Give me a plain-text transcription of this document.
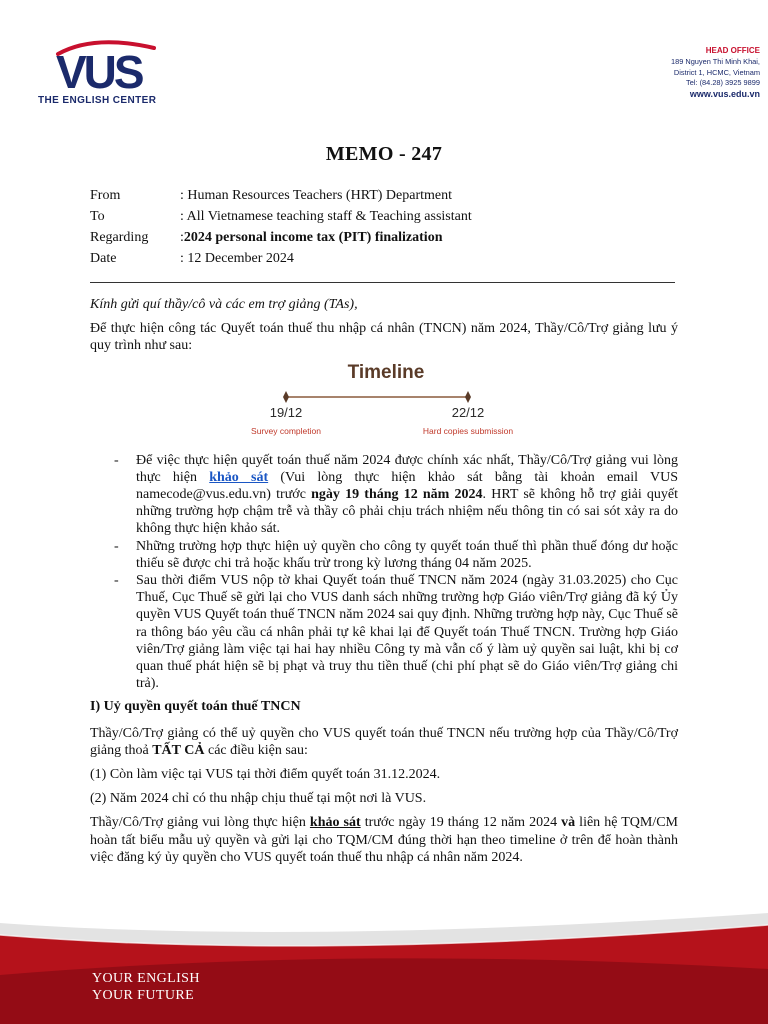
VUS
THE ENGLISH CENTER
HEAD OFFICE
189 Nguyen Thi Minh Khai,
District 1, HCMC, Vietnam
Tel: (84.28) 3925 9899
www.vus.edu.vn
MEMO - 247
From	: Human Resources Teachers (HRT) Department
To	: All Vietnamese teaching staff & Teaching assistant
Regarding	: 2024 personal income tax (PIT) finalization
Date	: 12 December 2024

Kính gửi quí thầy/cô và các em trợ giảng (TAs),

Để thực hiện công tác Quyết toán thuế thu nhập cá nhân (TNCN) năm 2024, Thầy/Cô/Trợ giảng lưu ý quy trình như sau:

Timeline
19/12
Survey completion
22/12
Hard copies submission
- Để việc thực hiện quyết toán thuế năm 2024 được chính xác nhất, Thầy/Cô/Trợ giảng vui lòng thực hiện khảo sát (Vui lòng thực hiện khảo sát bằng tài khoản email VUS namecode@vus.edu.vn) trước ngày 19 tháng 12 năm 2024. HRT sẽ không hỗ trợ giải quyết những trường hợp chậm trễ và thầy cô phải chịu trách nhiệm nếu thông tin có sai sót xảy ra do không thực hiện khảo sát.
- Những trường hợp thực hiện uỷ quyền cho công ty quyết toán thuế thì phần thuế đóng dư hoặc thiếu sẽ được chi trả hoặc khấu trừ trong kỳ lương tháng 04 năm 2025.
- Sau thời điểm VUS nộp tờ khai Quyết toán thuế TNCN năm 2024 (ngày 31.03.2025) cho Cục Thuế, Cục Thuế sẽ gửi lại cho VUS danh sách những trường hợp Giáo viên/Trợ giảng đã ký Ủy quyền VUS Quyết toán thuế TNCN năm 2024 sai quy định. Những trường hợp này, Cục Thuế sẽ ra thông báo yêu cầu cá nhân phải tự kê khai lại để Quyết toán Thuế TNCN. Trường hợp Giáo viên/Trợ giảng làm việc tại hai hay nhiều Công ty mà vẫn cố ý làm uỷ quyền sai luật, khi bị cơ quan thuế phát hiện sẽ bị phạt và truy thu tiền thuế (chi phí phạt sẽ do Giáo viên/Trợ giảng chi trả).
I) Uỷ quyền quyết toán thuế TNCN

Thầy/Cô/Trợ giảng có thể uỷ quyền cho VUS quyết toán thuế TNCN nếu trường hợp của Thầy/Cô/Trợ giảng thoả TẤT CẢ các điều kiện sau:

(1) Còn làm việc tại VUS tại thời điểm quyết toán 31.12.2024.

(2) Năm 2024 chỉ có thu nhập chịu thuế tại một nơi là VUS.

Thầy/Cô/Trợ giảng vui lòng thực hiện khảo sát trước ngày 19 tháng 12 năm 2024 và liên hệ TQM/CM hoàn tất biểu mẫu uỷ quyền và gửi lại cho TQM/CM đúng thời hạn theo timeline ở trên để hoàn thành việc đăng ký ủy quyền cho VUS quyết toán thuế thu nhập cá nhân năm 2024.

YOUR ENGLISH
YOUR FUTURE
